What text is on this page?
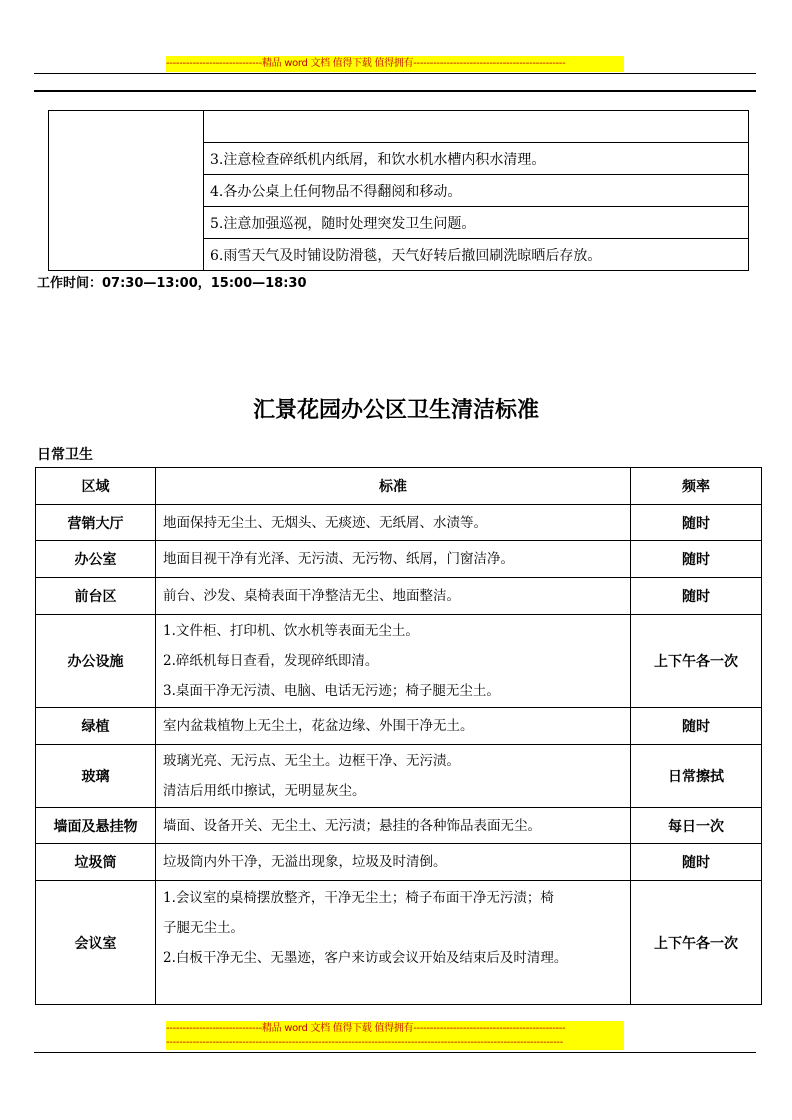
-----------------------------精品 word 文档 值得下载 值得拥有----------------------------------------------

3.注意检查碎纸机内纸屑，和饮水机水槽内积水清理。
4.各办公桌上任何物品不得翻阅和移动。
5.注意加强巡视，随时处理突发卫生问题。
6.雨雪天气及时铺设防滑毯，天气好转后撤回刷洗晾晒后存放。
工作时间：07:30—13:00，15:00—18:30
汇景花园办公区卫生清洁标准
日常卫生
区域	标准	频率
营销大厅	地面保持无尘土、无烟头、无痰迹、无纸屑、水渍等。	随时
办公室	地面目视干净有光泽、无污渍、无污物、纸屑，门窗洁净。	随时
前台区	前台、沙发、桌椅表面干净整洁无尘、地面整洁。	随时
办公设施	1.文件柜、打印机、饮水机等表面无尘土。
2.碎纸机每日查看，发现碎纸即清。
3.桌面干净无污渍、电脑、电话无污迹；椅子腿无尘土。	上下午各一次
绿植	室内盆栽植物上无尘土，花盆边缘、外围干净无土。	随时
玻璃	玻璃光亮、无污点、无尘土。边框干净、无污渍。
清洁后用纸巾擦试，无明显灰尘。	日常擦拭
墙面及悬挂物	墙面、设备开关、无尘土、无污渍；悬挂的各种饰品表面无尘。	每日一次
垃圾筒	垃圾筒内外干净，无溢出现象，垃圾及时清倒。	随时
会议室	1.会议室的桌椅摆放整齐，干净无尘土；椅子布面干净无污渍；椅
子腿无尘土。
2.白板干净无尘、无墨迹，客户来访或会议开始及结束后及时清理。	上下午各一次
-----------------------------精品 word 文档 值得下载 值得拥有----------------------------------------------
------------------------------------------------------------------------------------------------------------------------
